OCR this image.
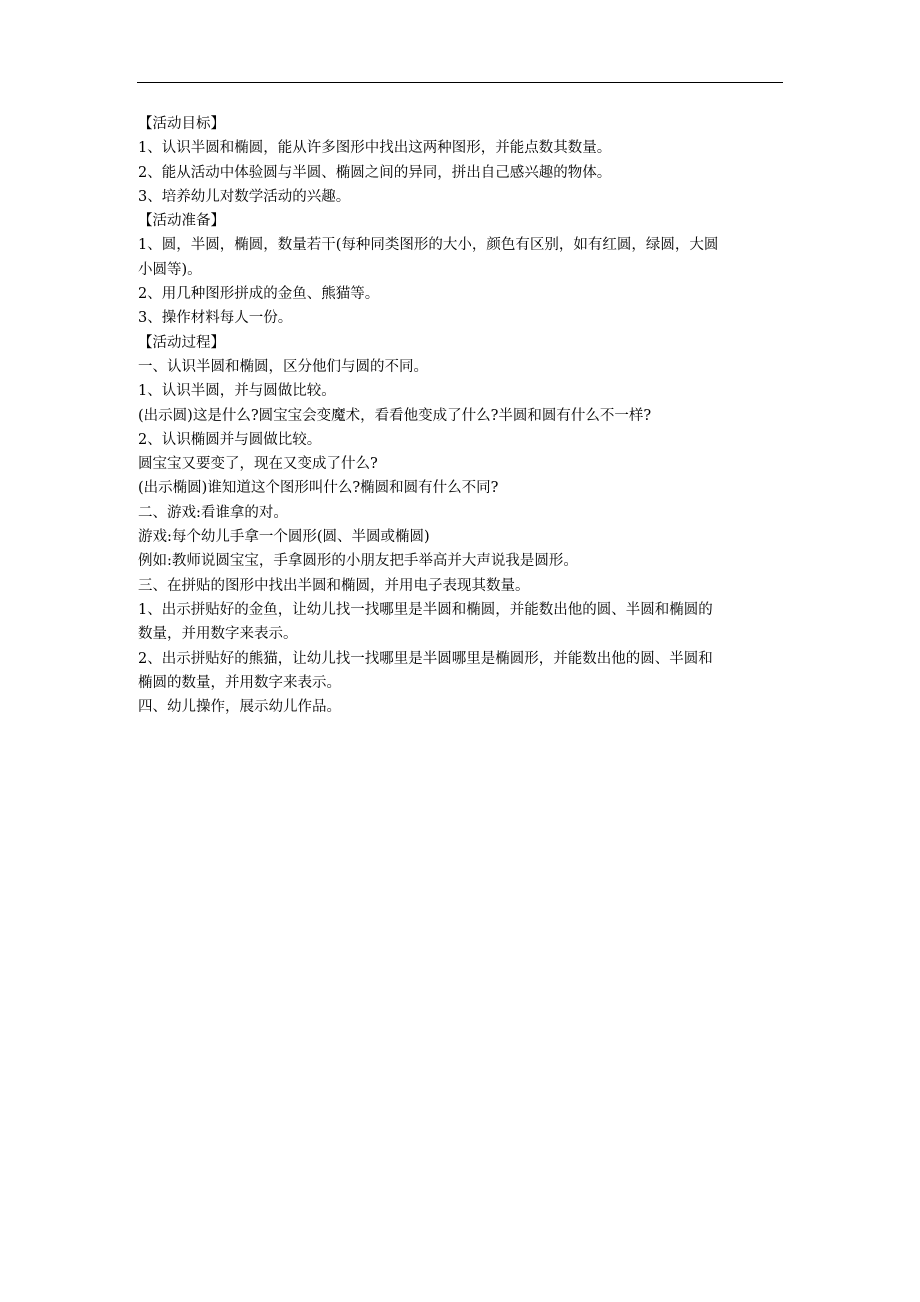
【活动目标】

1、认识半圆和椭圆，能从许多图形中找出这两种图形，并能点数其数量。

2、能从活动中体验圆与半圆、椭圆之间的异同，拼出自己感兴趣的物体。

3、培养幼儿对数学活动的兴趣。

【活动准备】

1、圆，半圆，椭圆，数量若干(每种同类图形的大小，颜色有区别，如有红圆，绿圆，大圆

小圆等)。

2、用几种图形拼成的金鱼、熊猫等。

3、操作材料每人一份。

【活动过程】

一、认识半圆和椭圆，区分他们与圆的不同。

1、认识半圆，并与圆做比较。

(出示圆)这是什么?圆宝宝会变魔术，看看他变成了什么?半圆和圆有什么不一样?

2、认识椭圆并与圆做比较。

圆宝宝又要变了，现在又变成了什么?

(出示椭圆)谁知道这个图形叫什么?椭圆和圆有什么不同?

二、游戏:看谁拿的对。

游戏:每个幼儿手拿一个圆形(圆、半圆或椭圆)

例如:教师说圆宝宝，手拿圆形的小朋友把手举高并大声说我是圆形。

三、在拼贴的图形中找出半圆和椭圆，并用电子表现其数量。

1、出示拼贴好的金鱼，让幼儿找一找哪里是半圆和椭圆，并能数出他的圆、半圆和椭圆的

数量，并用数字来表示。

2、出示拼贴好的熊猫，让幼儿找一找哪里是半圆哪里是椭圆形，并能数出他的圆、半圆和

椭圆的数量，并用数字来表示。

四、幼儿操作，展示幼儿作品。
